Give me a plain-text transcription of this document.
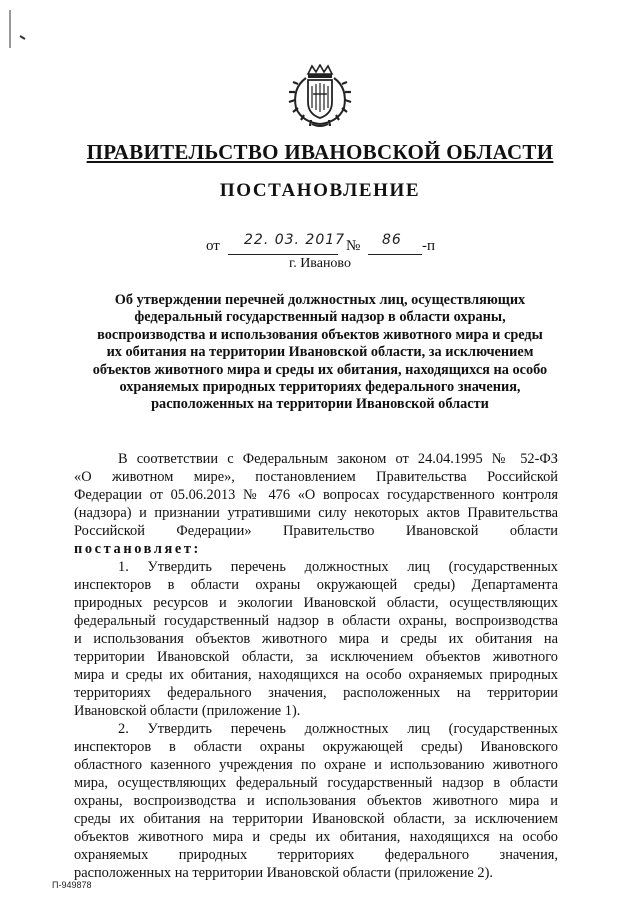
ПРАВИТЕЛЬСТВО ИВАНОВСКОЙ ОБЛАСТИ
ПОСТАНОВЛЕНИЕ
от 22. 03. 2017 № 86 -п
г. Иваново
Об утверждении перечней должностных лиц, осуществляющих
федеральный государственный надзор в области охраны,
воспроизводства и использования объектов животного мира и среды
их обитания на территории Ивановской области, за исключением
объектов животного мира и среды их обитания, находящихся на особо
охраняемых природных территориях федерального значения,
расположенных на территории Ивановской области
В соответствии с Федеральным законом от 24.04.1995 № 52-ФЗ
«О животном мире», постановлением Правительства Российской
Федерации от 05.06.2013 № 476 «О вопросах государственного контроля
(надзора) и признании утратившими силу некоторых актов Правительства
Российской Федерации» Правительство Ивановской области
постановляет:
1. Утвердить перечень должностных лиц (государственных
инспекторов в области охраны окружающей среды) Департамента
природных ресурсов и экологии Ивановской области, осуществляющих
федеральный государственный надзор в области охраны, воспроизводства
и использования объектов животного мира и среды их обитания на
территории Ивановской области, за исключением объектов животного
мира и среды их обитания, находящихся на особо охраняемых природных
территориях федерального значения, расположенных на территории
Ивановской области (приложение 1).
2. Утвердить перечень должностных лиц (государственных
инспекторов в области охраны окружающей среды) Ивановского
областного казенного учреждения по охране и использованию животного
мира, осуществляющих федеральный государственный надзор в области
охраны, воспроизводства и использования объектов животного мира и
среды их обитания на территории Ивановской области, за исключением
объектов животного мира и среды их обитания, находящихся на особо
охраняемых природных территориях федерального значения,
расположенных на территории Ивановской области (приложение 2).
П-949878
